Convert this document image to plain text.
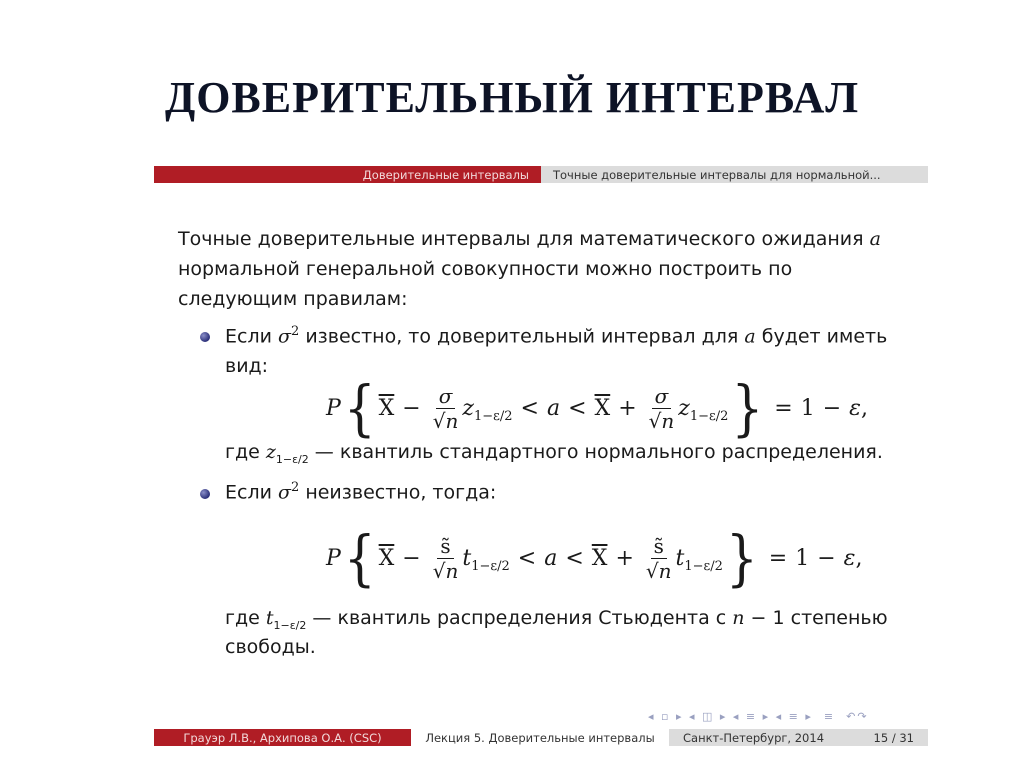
ДОВЕРИТЕЛЬНЫЙ ИНТЕРВАЛ
Доверительные интервалы	Точные доверительные интервалы для нормальной...
Точные доверительные интервалы для математического ожидания a
нормальной генеральной совокупности можно построить по
следующим правилам:
Если $\sigma^2$ известно, то доверительный интервал для a будет иметь
вид:
P { $\overline{X} - \frac{\sigma}{√n}$ z $1-\varepsilon/2 < a < \overline{X} + \frac{\sigma}{√n}$ z 1−ε/2 } = 1 − ε ,
где $z_{1-\varepsilon/2}$ — квантиль стандартного нормального распределения.
Если $\sigma^2$ неизвестно, тогда:
P { $\overline{X} - \frac{s̃}{√n}$ t $1-\varepsilon/2 < a < \overline{X} + \frac{s̃}{√n}$ t 1−ε/2 } = 1 − ε ,
где $t_{1-\varepsilon/2}$ — квантиль распределения Стьюдента с n − 1 степенью
свободы.
◂ ▫ ▸ ◂ ◫ ▸ ◂ ≡ ▸ ◂ ≡ ▸  ≡  ↶↷
Грауэр Л.В., Архипова О.А. (CSC)	Лекция 5. Доверительные интервалы	Санкт-Петербург, 2014	15 / 31
